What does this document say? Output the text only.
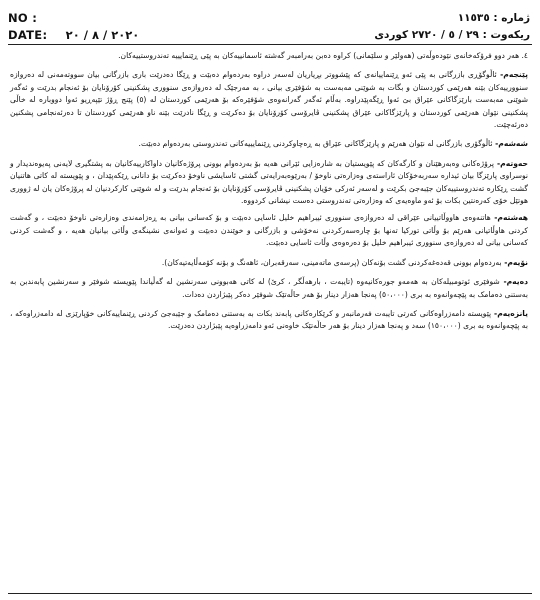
NO :	ژماره : ١١٥٣٥
DATE: ٢٠٢٠ / ٨ / ٢٠	ریکەوت : ٢٩ / ٥ / ٢٧٢٠ كوردی

٤. هەر دوو فرۆکەخانەی نێودەوڵەتی (هەولێر و سلێمانی) کراوە دەبن بەرامبەر گەشتە ئاسمانییەکان بە پێی ڕێنمایییە تەندروستییەکان.

پێنجەم- ئاڵوگۆڕی بازرگانی بە پێی ئەو ڕێنماییانەی کە پێشووتر بڕیاریان لەسەر دراوە بەردەوام دەبێت و ڕێگا دەدرێت باری بازرگانی بیان سووتەمەنی لە دەروازە سنوورییەکان بێنە هەرێمی کوردستان و بگات بە شوێنی مەبەست بە شۆفێری بیانی ، بە مەرجێک لە دەروازەی سنووری پشکنینی کۆرۆنایان بۆ ئەنجام بدرێت و ئەگەر شوێنی مەبەست بارێزگاکانی عێراق بێ ئەوا ڕێگەپێدراوە. بەڵام ئەگەر گەرانەوەی شۆفێرەکە بۆ هەرێمی کوردستان لە (٥) پێنج ڕۆژ تێپەڕیو ئەوا دووبارە لە خاڵی پشکنینی نێوان هەرێمی کوردستان و پارێزگاکانی عێراق پشکنینی ڤایرۆسی کۆرۆنایان بۆ دەکرێت و ڕێگا نادرێت بێنە ناو هەرێمی کوردستان تا دەرئەنجامی پشکنین دەرئەچێت.

شەشەم- ئاڵوگۆری بازرگانی لە نێوان هەرێم و پارێزگاکانی عێراق بە ڕەچاوکردنی ڕێنمایییەکانی تەندروستی بەردەوام دەبێت.

حەوتەم- پرۆژەکانی وەبەرهێنان و کارگەکان کە پێویستیان بە شارەزایی ئێرانی هەیە بۆ بەردەوام بوونی پرۆژەکانیان داواکارییەکانیان بە پشتگیری لایەنی پەیوەندیدار و نوسراوی پارێزگا بیان ئیدارە سەربەخۆکان ئاراستەی وەزارەتی ناوخۆ / بەرێوەبەرایەتی گشتی ئاسایشی ناوخۆ دەکرێت بۆ دانانی ڕێکەپێدان ، و پێویستە لە کاتی هاتنیان گشت ڕێکارە تەندروستییەکان جێبەجێ بکرێت و لەسەر ئەرکی خۆیان پشکنینی ڤایرۆسی کۆرۆنایان بۆ ئەنجام بدرێت و لە شوێنی کارکردنیان لە پرۆژەکان یان لە ژووری هوتێل خۆی کەرەنتین بکات بۆ ئەو ماوەیەی کە وەزارەتی تەندروستی دەست نیشانی کردووە.

هەشتەم- هاتنەوەی هاووڵاتییانی عێراقی لە دەروازەی سنووری ئیبراهیم خلیل ئاسایی دەبێت و بۆ کەسانی بیانی بە ڕەزامەندی وەزارەتی ناوخۆ دەبێت ، و گەشت کردنی هاوڵاتیانی هەرێم بۆ وڵاتی تورکیا تەنها بۆ چارەسەرکردنی نەخۆشی و بازرگانی و خوێندن دەبێت و ئەوانەی نشینگەی وڵاتی بیانیان هەیە ، و گەشت کردنی کەسانی بیانی لە دەروازەی سنووری ئیبراهیم خلیل بۆ دەرەوەی وڵات ئاسایی دەبێت.

نۆیەم- بەردەوام بوونی قەدەغەکردنی گشت بۆنەکان (پرسەی ماتەمینی، سەرقەبران، ئاهەنگ و بۆنە کۆمەڵایەتیەکان).

دەیەم- شوفێری ئوتومبیلەکان بە هەمەو جورەکانیەوە (تایبەت ، بارهەڵگر ، کرێ) لە کاتی هەبوونی سەرنشین لە گەڵیاندا پێویستە شوفێر و سەرنشین پابەندبن بە بەستنی دەمامک بە پێچەوانەوە بە بری (٥٠،٠٠٠) پەنجا هەزار دینار بۆ هەر حاڵەتێک شوفێر دەکر پێبژاردن دەدات.

یانزەیەم- پێویستە دامەزراوەکانی کەرتی تایبەت فەرمانبەر و کرێکارەکانی پابەند بکات بە بەستنی دەمامک و جێبەجێ کردنی ڕێنماییەکانی خۆپارێزی لە دامەزراوەکە ، بە پێچەوانەوە بە بری (١٥٠،٠٠٠) سەد و پەنجا هەزار دینار بۆ هەر حاڵەتێک خاوەنی ئەو دامەزراوەیە پێبژاردن دەدرێت.
